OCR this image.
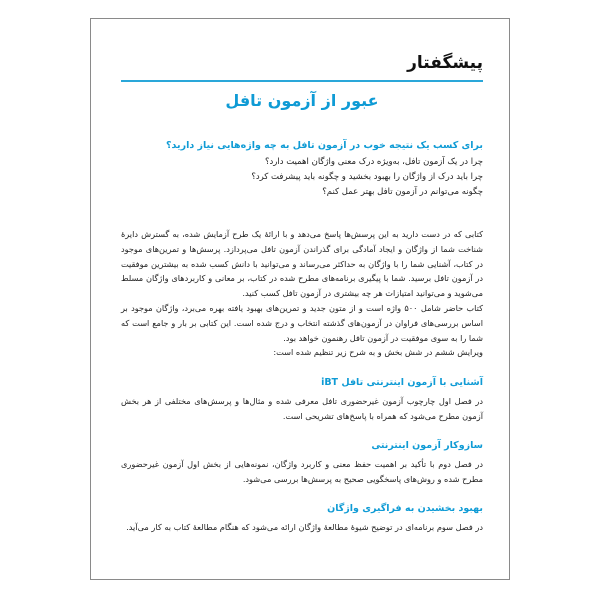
پیشگفتار
عبور از آزمون تافل
برای کسب یک نتیجه خوب در آزمون تافل به چه واژه‌هایی نیاز دارید؟
چرا در یک آزمون تافل، به‌ویژه درک معنی واژگان اهمیت دارد؟
چرا باید درک از واژگان را بهبود بخشید و چگونه باید پیشرفت کرد؟
چگونه می‌توانم در آزمون تافل بهتر عمل کنم؟

کتابی که در دست دارید به این پرسش‌ها پاسخ می‌دهد و با ارائهٔ یک طرح آزمایش شده، به گسترش دایرهٔ شناخت شما از واژگان و ایجاد آمادگی برای گذراندن آزمون تافل می‌پردازد. پرسش‌ها و تمرین‌های موجود در کتاب، آشنایی شما را با واژگان به حداکثر می‌رساند و می‌توانید با دانش کسب شده به بیشترین موفقیت در آزمون تافل برسید. شما با پیگیری برنامه‌های مطرح شده در کتاب، بر معانی و کاربردهای واژگان مسلط می‌شوید و می‌توانید امتیازات هر چه بیشتری در آزمون تافل کسب کنید.

کتاب حاضر شامل ۵۰۰ واژه است و از متون جدید و تمرین‌های بهبود یافته بهره می‌برد، واژگان موجود بر اساس بررسی‌های فراوان در آزمون‌های گذشته انتخاب و درج شده است. این کتابی بر بار و جامع است که شما را به سوی موفقیت در آزمون تافل رهنمون خواهد بود.

ویرایش ششم در شش بخش و به شرح زیر تنظیم شده است:

آشنایی با آزمون اینترنتی تافل iBT

در فصل اول چارچوب آزمون غیرحضوری تافل معرفی شده و مثال‌ها و پرسش‌های مختلفی از هر بخش آزمون مطرح می‌شود که همراه با پاسخ‌های تشریحی است.

سازوکار آزمون اینترنتی

در فصل دوم با تأکید بر اهمیت حفظ معنی و کاربرد واژگان، نمونه‌هایی از بخش اول آزمون غیرحضوری مطرح شده و روش‌های پاسخگویی صحیح به پرسش‌ها بررسی می‌شود.

بهبود بخشیدن به فراگیری واژگان

در فصل سوم برنامه‌ای در توضیح شیوهٔ مطالعهٔ واژگان ارائه می‌شود که هنگام مطالعهٔ کتاب به کار می‌آید.
